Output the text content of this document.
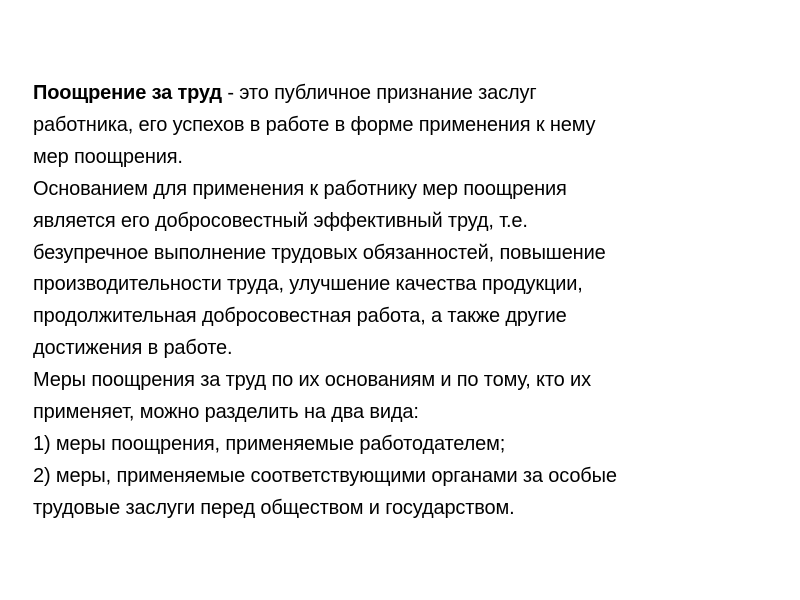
Поощрение за труд - это публичное признание заслуг
работника, его успехов в работе в форме применения к нему
мер поощрения.

Основанием для применения к работнику мер поощрения
является его добросовестный эффективный труд, т.е.
безупречное выполнение трудовых обязанностей, повышение
производительности труда, улучшение качества продукции,
продолжительная добросовестная работа, а также другие
достижения в работе.

Меры поощрения за труд по их основаниям и по тому, кто их
применяет, можно разделить на два вида:
1) меры поощрения, применяемые работодателем;
2) меры, применяемые соответствующими органами за особые
трудовые заслуги перед обществом и государством.
